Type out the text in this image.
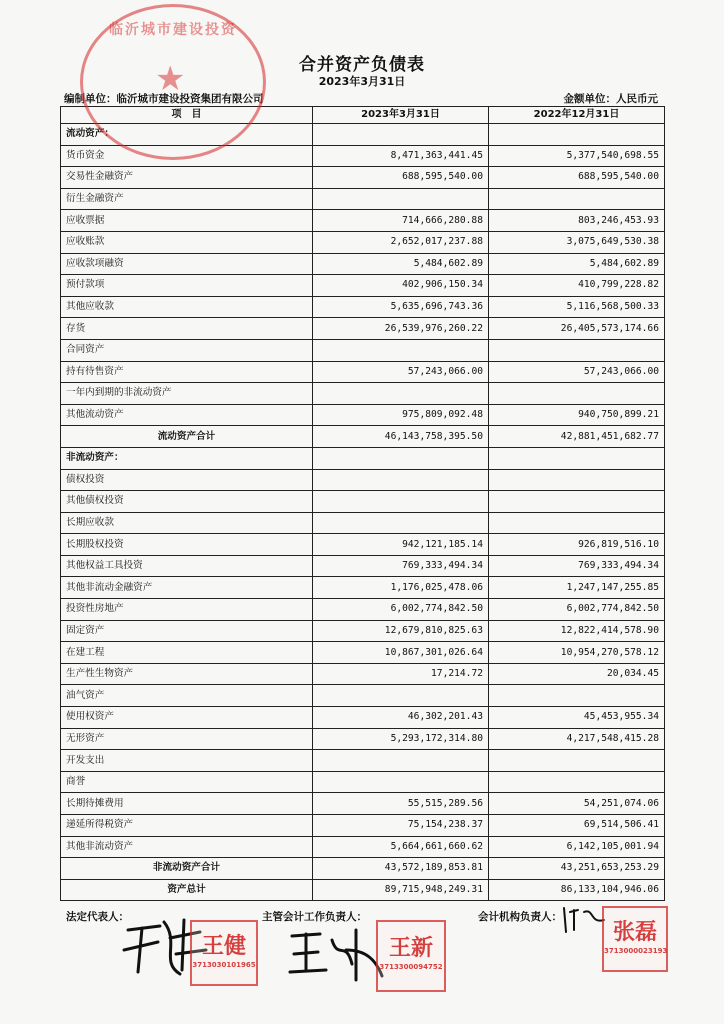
合并资产负债表
2023年3月31日
编制单位：临沂城市建设投资集团有限公司	金额单位：人民币元
项　目	2023年3月31日	2022年12月31日
流动资产：		
货币资金	8,471,363,441.45	5,377,540,698.55
交易性金融资产	688,595,540.00	688,595,540.00
衍生金融资产		
应收票据	714,666,280.88	803,246,453.93
应收账款	2,652,017,237.88	3,075,649,530.38
应收款项融资	5,484,602.89	5,484,602.89
预付款项	402,906,150.34	410,799,228.82
其他应收款	5,635,696,743.36	5,116,568,500.33
存货	26,539,976,260.22	26,405,573,174.66
合同资产		
持有待售资产	57,243,066.00	57,243,066.00
一年内到期的非流动资产		
其他流动资产	975,809,092.48	940,750,899.21
流动资产合计	46,143,758,395.50	42,881,451,682.77
非流动资产：		
债权投资		
其他债权投资		
长期应收款		
长期股权投资	942,121,185.14	926,819,516.10
其他权益工具投资	769,333,494.34	769,333,494.34
其他非流动金融资产	1,176,025,478.06	1,247,147,255.85
投资性房地产	6,002,774,842.50	6,002,774,842.50
固定资产	12,679,810,825.63	12,822,414,578.90
在建工程	10,867,301,026.64	10,954,270,578.12
生产性生物资产	17,214.72	20,034.45
油气资产		
使用权资产	46,302,201.43	45,453,955.34
无形资产	5,293,172,314.80	4,217,548,415.28
开发支出		
商誉		
长期待摊费用	55,515,289.56	54,251,074.06
递延所得税资产	75,154,238.37	69,514,506.41
其他非流动资产	5,664,661,660.62	6,142,105,001.94
非流动资产合计	43,572,189,853.81	43,251,653,253.29
资产总计	89,715,948,249.31	86,133,104,946.06
临沂城市建设投资
★
法定代表人：	主管会计工作负责人：	会计机构负责人：
王健
3713030101965
王新
3713300094752
张磊
3713000023193
